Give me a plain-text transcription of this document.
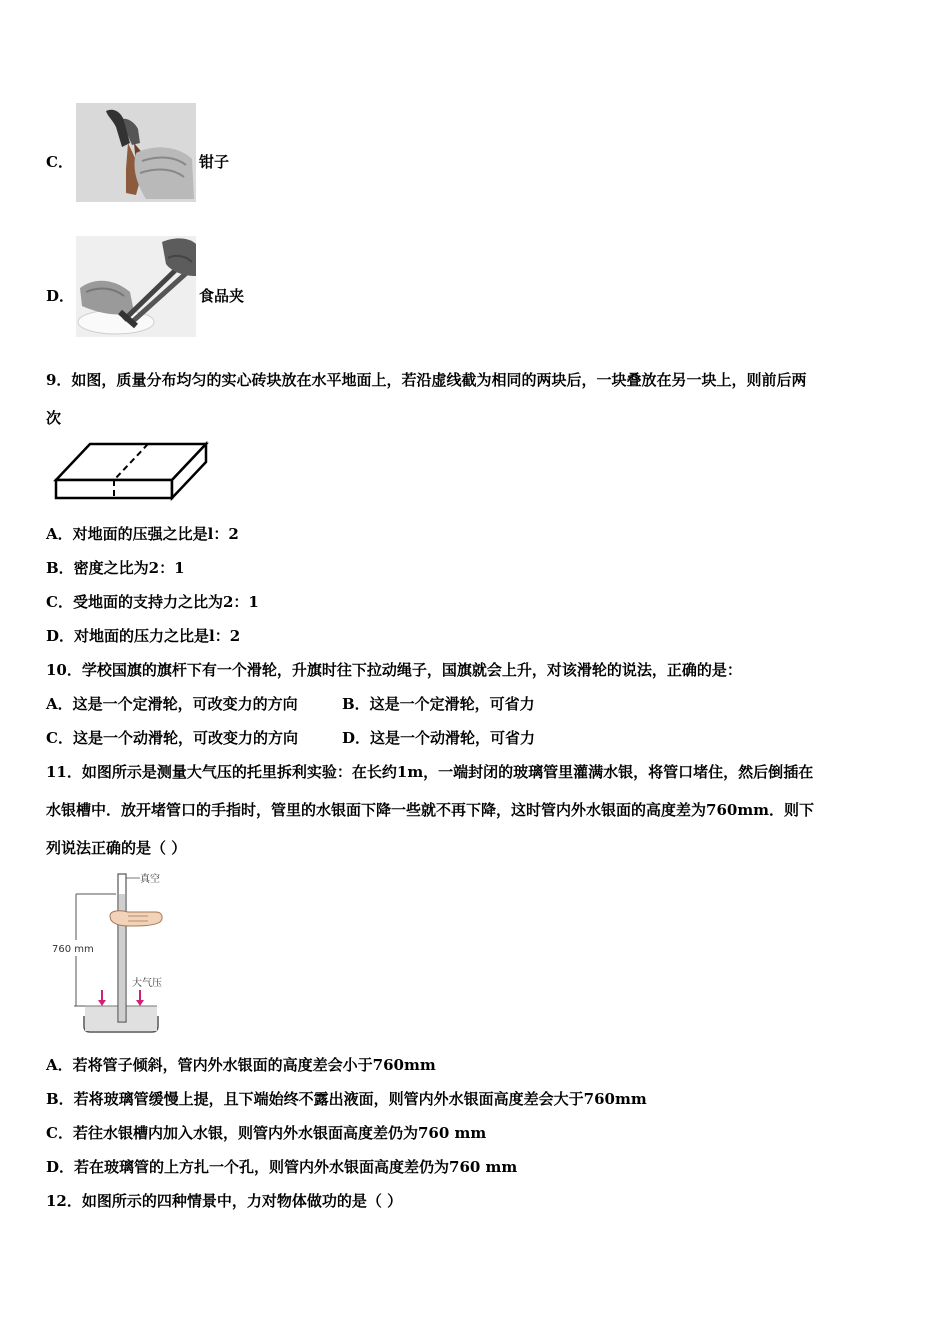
C．	钳子
D．	食品夹
9．如图，质量分布均匀的实心砖块放在水平地面上，若沿虚线截为相同的两块后，一块叠放在另一块上，则前后两
次
A．对地面的压强之比是l：2
B．密度之比为2：1
C．受地面的支持力之比为2：1
D．对地面的压力之比是l：2
10．学校国旗的旗杆下有一个滑轮，升旗时往下拉动绳子，国旗就会上升，对该滑轮的说法，正确的是：
A．这是一个定滑轮，可改变力的方向	B．这是一个定滑轮，可省力
C．这是一个动滑轮，可改变力的方向	D．这是一个动滑轮，可省力
11．如图所示是测量大气压的托里拆利实验：在长约1m，一端封闭的玻璃管里灌满水银，将管口堵住，然后倒插在
水银槽中．放开堵管口的手指时，管里的水银面下降一些就不再下降，这时管内外水银面的高度差为760mm．则下
列说法正确的是（ ）
760 mm
真空
大气压
A．若将管子倾斜，管内外水银面的高度差会小于760mm
B．若将玻璃管缓慢上提，且下端始终不露出液面，则管内外水银面高度差会大于760mm
C．若往水银槽内加入水银，则管内外水银面高度差仍为760 mm
D．若在玻璃管的上方扎一个孔，则管内外水银面高度差仍为760 mm
12．如图所示的四种情景中，力对物体做功的是（ ）
